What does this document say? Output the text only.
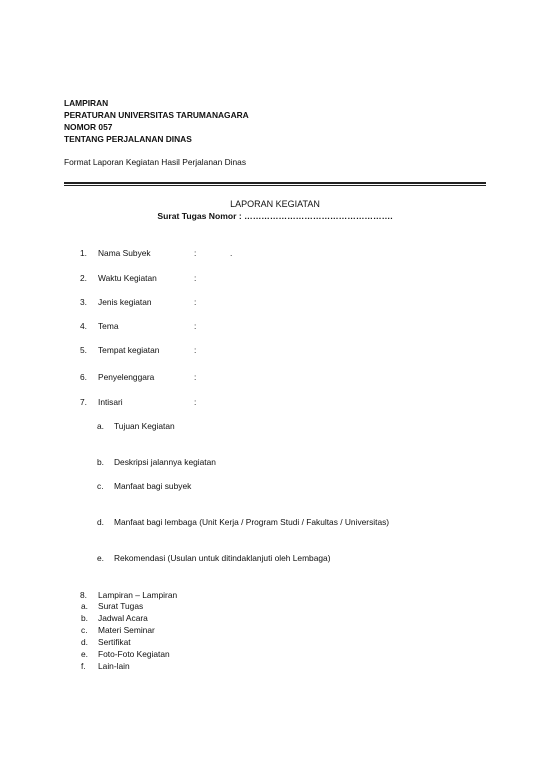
LAMPIRAN
PERATURAN UNIVERSITAS TARUMANAGARA
NOMOR 057
TENTANG PERJALANAN DINAS
Format Laporan Kegiatan Hasil Perjalanan Dinas
LAPORAN KEGIATAN
Surat Tugas Nomor : …………………………………………….
1. Nama Subyek	:	.
2. Waktu Kegiatan	:
3. Jenis kegiatan	:
4. Tema	:
5. Tempat kegiatan	:
6. Penyelenggara	:
7. Intisari	:
a. Tujuan Kegiatan
b. Deskripsi jalannya kegiatan
c. Manfaat bagi subyek
d. Manfaat bagi lembaga (Unit Kerja / Program Studi / Fakultas / Universitas)
e. Rekomendasi (Usulan untuk ditindaklanjuti oleh Lembaga)
8. Lampiran – Lampiran
a. Surat Tugas
b. Jadwal Acara
c. Materi Seminar
d. Sertifikat
e. Foto-Foto Kegiatan
f. Lain-lain
